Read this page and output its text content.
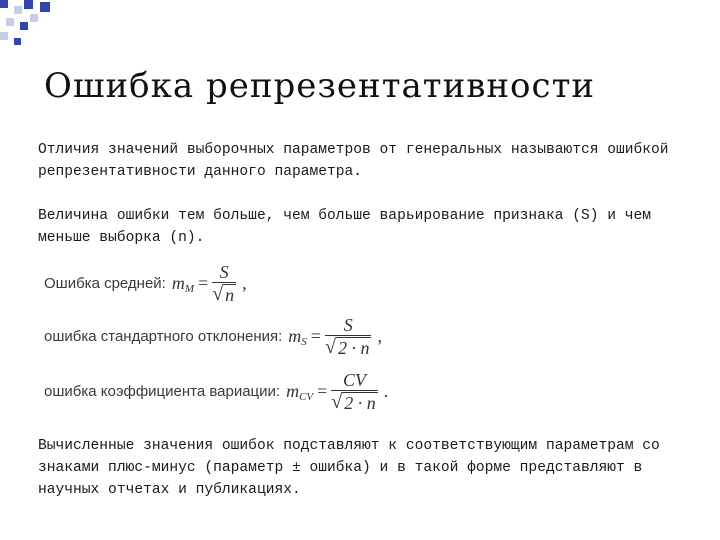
Ошибка репрезентативности

Отличия значений выборочных параметров от генеральных называются ошибкой репрезентативности данного параметра.

Величина ошибки тем больше, чем больше варьирование признака (S) и чем меньше выборка (n).

Ошибка средней: m $M = \frac{S}{√ n}$ ,
ошибка стандартного отклонения: m $S = \frac{S}{√ 2 \cdot n}$ ,
ошибка коэффициента вариации: m CV = $\frac{CV}{√ 2 \cdot n}$ .

Вычисленные значения ошибок подставляют к соответствующим параметрам со знаками плюс-минус (параметр ± ошибка) и в такой форме представляют в научных отчетах и публикациях.
